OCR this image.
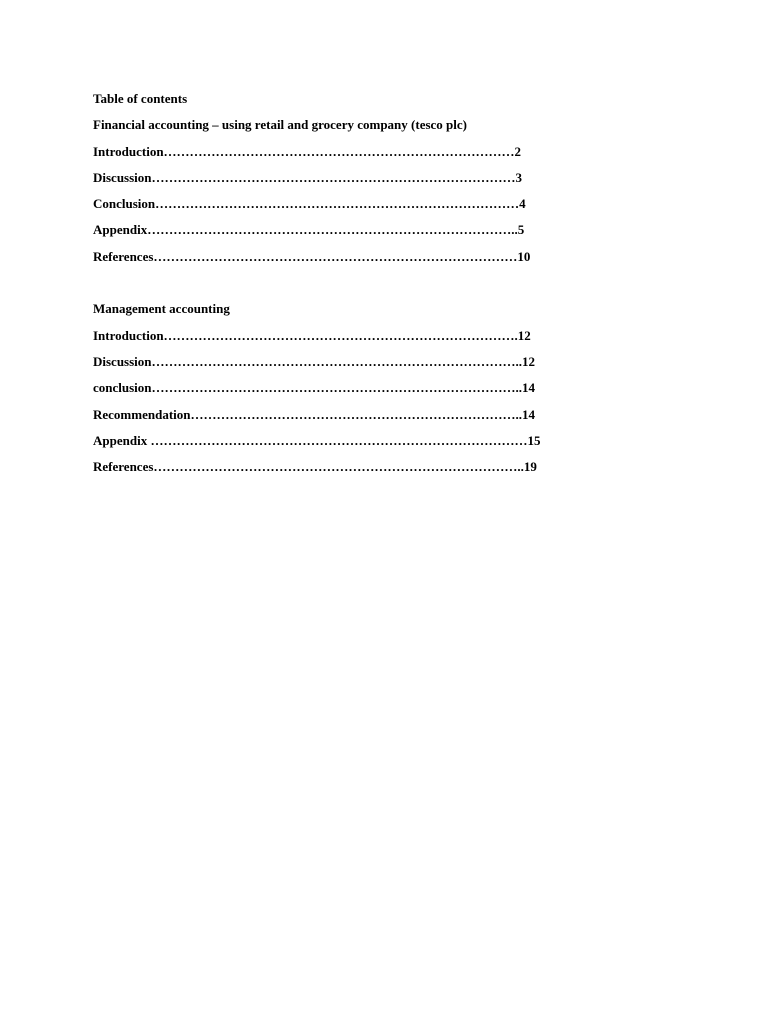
Table of contents
Financial accounting – using retail and grocery company (tesco plc)
Introduction………………………………………………………………………2
Discussion…………………………………………………………………………3
Conclusion…………………………………………………………………………4
Appendix…………………………………………………………………………..5
References…………………………………………………………………………10
Management accounting
Introduction……………………………………………………………………….12
Discussion…………………………………………………………………………..12
conclusion…………………………………………………………………………..14
Recommendation…………………………………………………………………..14
Appendix ……………………………………………………………………………15
References…………………………………………………………………………..19
